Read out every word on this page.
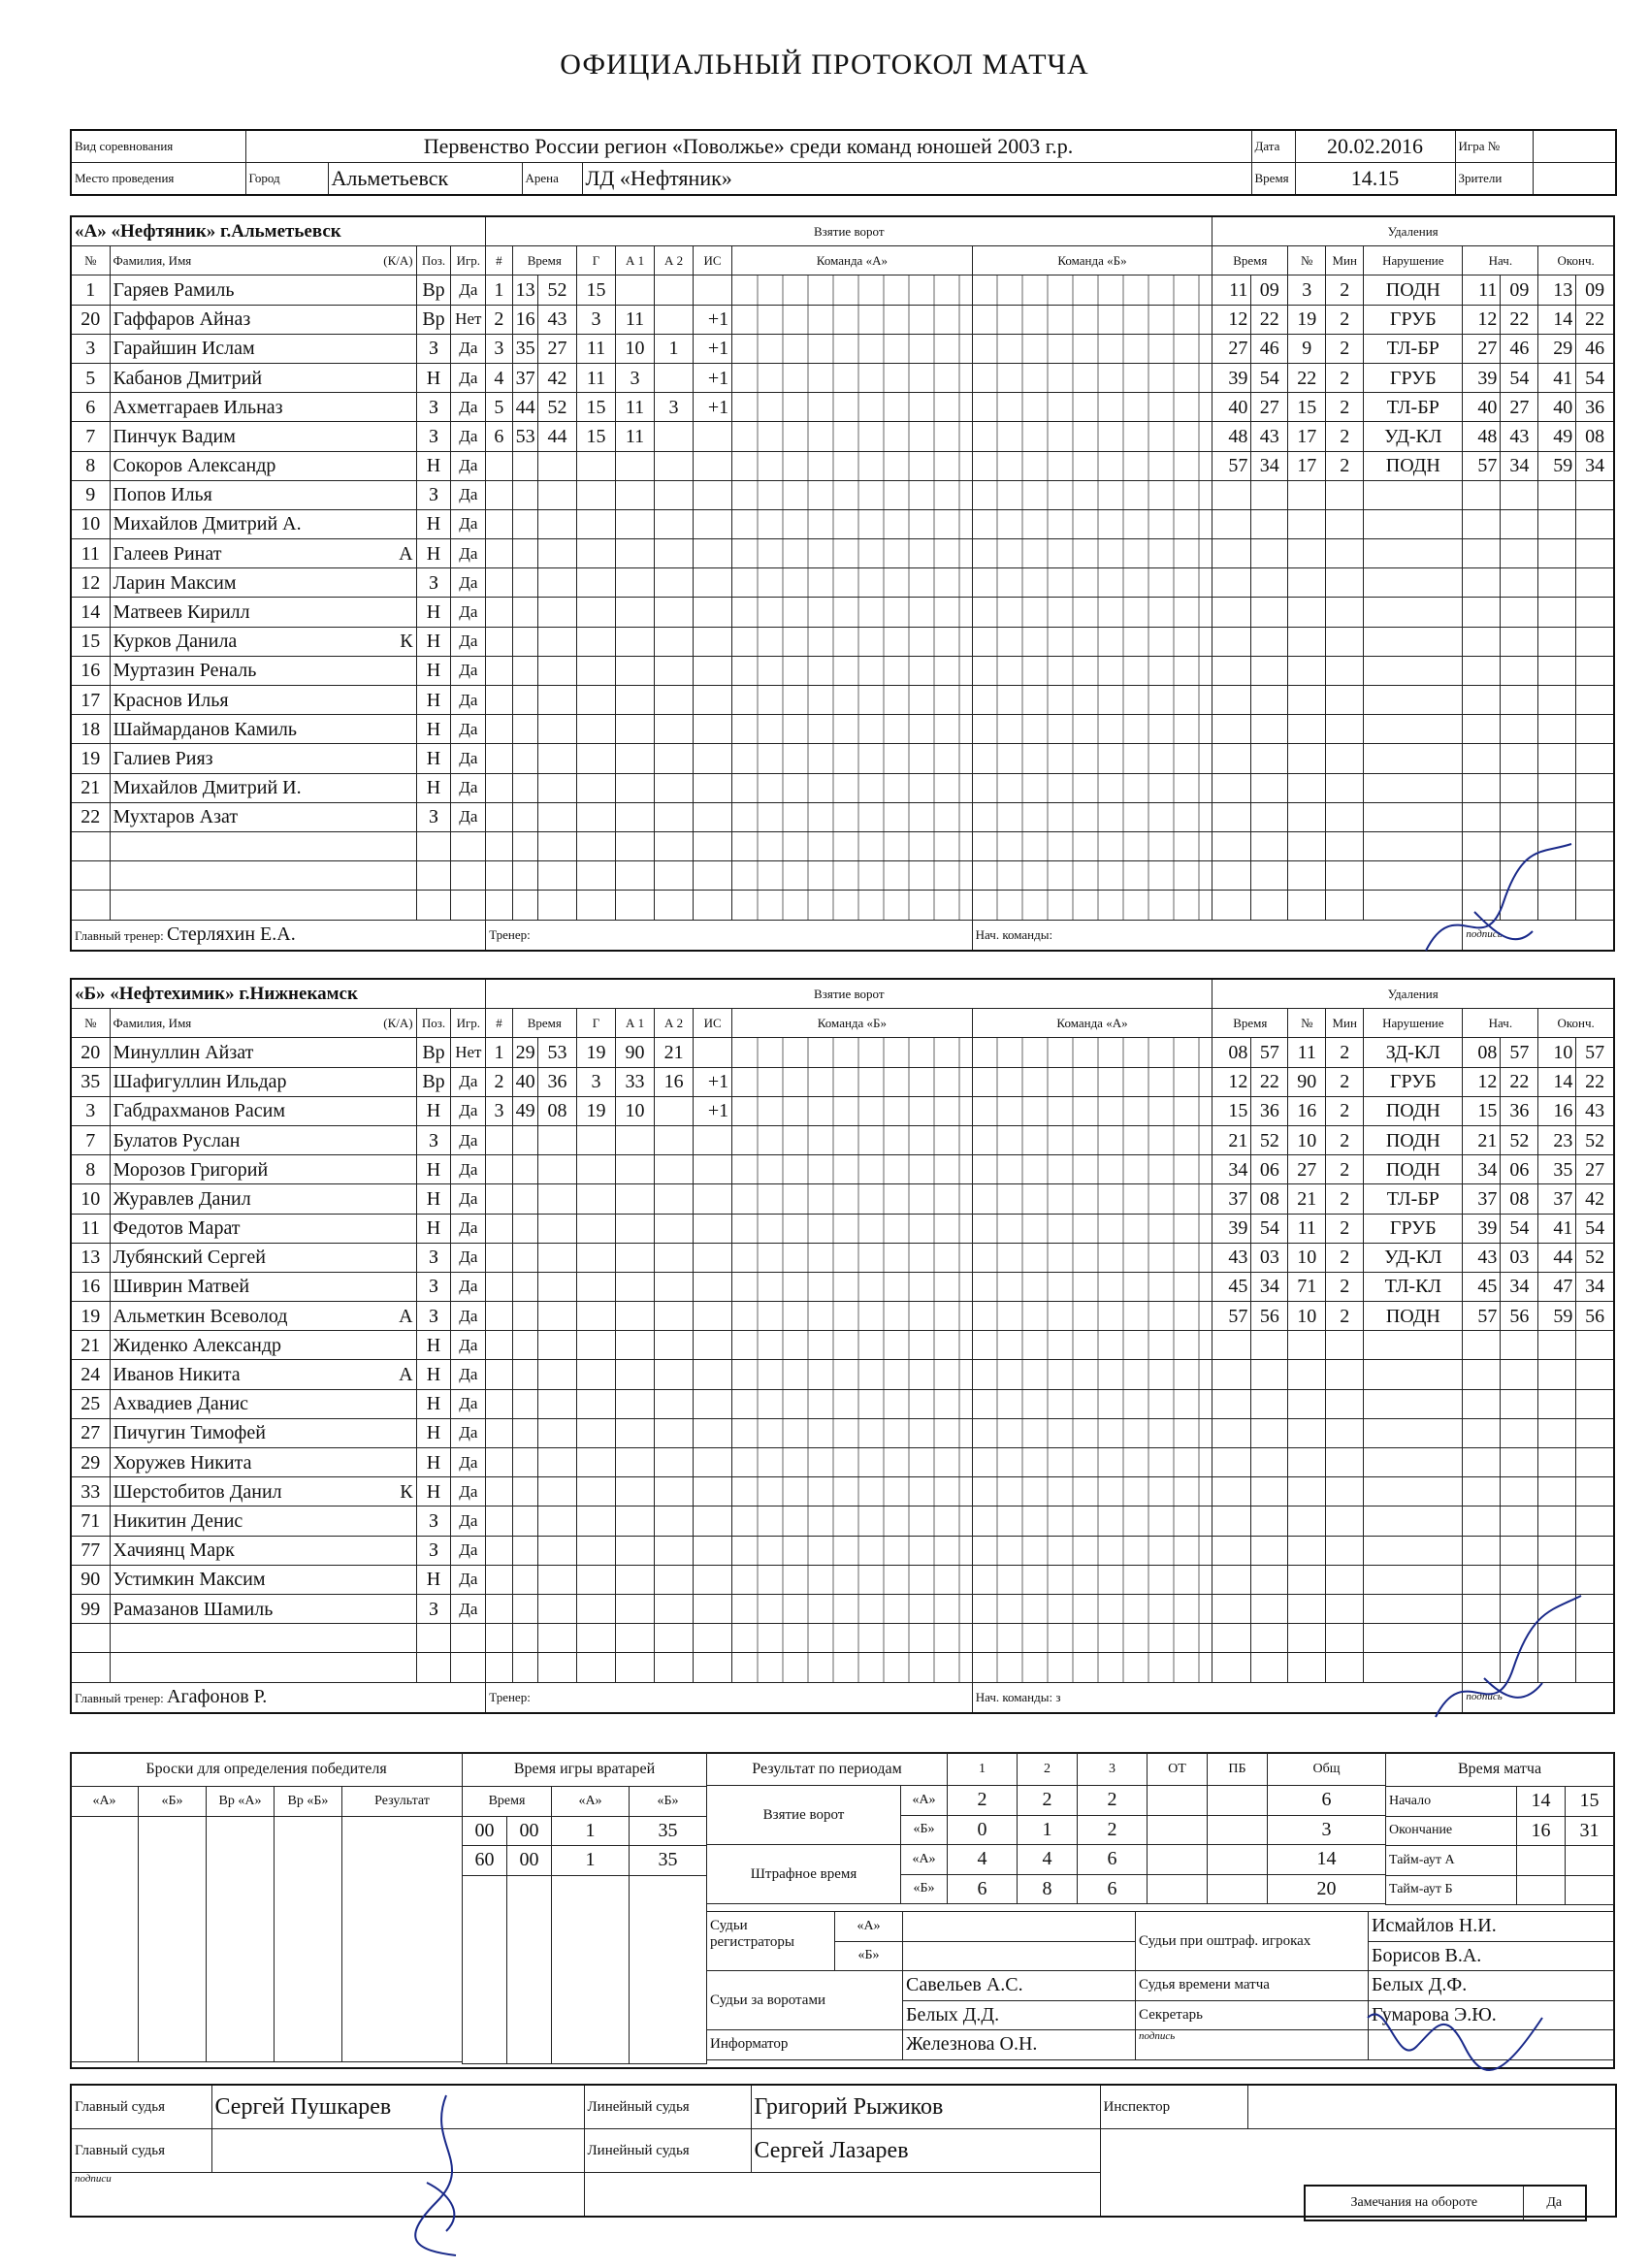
ОФИЦИАЛЬНЫЙ ПРОТОКОЛ МАТЧА
Вид соревнования	Первенство России регион «Поволжье» среди команд юношей 2003 г.р.				Дата	20.02.2016	Игра №	
Место проведения	Город	Альметьевск	Арена	ЛД «Нефтяник»	Время	14.15	Зрители	
«А» «Нефтяник» г.Альметьевск				Взятие ворот									Удаления								
№	Фамилия, Имя (К/А)	Поз.	Игр.	#	Время		Г	А 1	А 2	ИС	Команда «А»	Команда «Б»	Время		№	Мин	Нарушение	Нач.		Оконч.	
1	Гаряев Рамиль	Вр	Да	1	13	52	15						11	09	3	2	ПОДН	11	09	13	09
20	Гаффаров Айназ	Вр	Нет	2	16	43	3	11		+1			12	22	19	2	ГРУБ	12	22	14	22
3	Гарайшин Ислам	З	Да	3	35	27	11	10	1	+1			27	46	9	2	ТЛ-БР	27	46	29	46
5	Кабанов Дмитрий	Н	Да	4	37	42	11	3		+1			39	54	22	2	ГРУБ	39	54	41	54
6	Ахметгараев Ильназ	З	Да	5	44	52	15	11	3	+1			40	27	15	2	ТЛ-БР	40	27	40	36
7	Пинчук Вадим	З	Да	6	53	44	15	11					48	43	17	2	УД-КЛ	48	43	49	08
8	Сокоров Александр	Н	Да										57	34	17	2	ПОДН	57	34	59	34
9	Попов Илья	З	Да																		
10	Михайлов Дмитрий А.	Н	Да																		
11	Галеев Ринат А	Н	Да																		
12	Ларин Максим	З	Да																		
14	Матвеев Кирилл	Н	Да																		
15	Курков Данила К	Н	Да																		
16	Муртазин Реналь	Н	Да																		
17	Краснов Илья	Н	Да																		
18	Шаймарданов Камиль	Н	Да																		
19	Галиев Рияз	Н	Да																		
21	Михайлов Дмитрий И.	Н	Да																		
22	Мухтаров Азат	З	Да																		

Главный тренер: Стерляхин Е.А.				Тренер:								Нач. команды:						подпись			
«Б» «Нефтехимик» г.Нижнекамск				Взятие ворот									Удаления								
№	Фамилия, Имя (К/А)	Поз.	Игр.	#	Время		Г	А 1	А 2	ИС	Команда «Б»	Команда «А»	Время		№	Мин	Нарушение	Нач.		Оконч.	
20	Минуллин Айзат	Вр	Нет	1	29	53	19	90	21				08	57	11	2	ЗД-КЛ	08	57	10	57
35	Шафигуллин Ильдар	Вр	Да	2	40	36	3	33	16	+1			12	22	90	2	ГРУБ	12	22	14	22
3	Габдрахманов Расим	Н	Да	3	49	08	19	10		+1			15	36	16	2	ПОДН	15	36	16	43
7	Булатов Руслан	З	Да										21	52	10	2	ПОДН	21	52	23	52
8	Морозов Григорий	Н	Да										34	06	27	2	ПОДН	34	06	35	27
10	Журавлев Данил	Н	Да										37	08	21	2	ТЛ-БР	37	08	37	42
11	Федотов Марат	Н	Да										39	54	11	2	ГРУБ	39	54	41	54
13	Лубянский Сергей	З	Да										43	03	10	2	УД-КЛ	43	03	44	52
16	Шиврин Матвей	З	Да										45	34	71	2	ТЛ-КЛ	45	34	47	34
19	Альметкин Всеволод А	З	Да										57	56	10	2	ПОДН	57	56	59	56
21	Жиденко Александр	Н	Да																		
24	Иванов Никита А	Н	Да																		
25	Ахвадиев Данис	Н	Да																		
27	Пичугин Тимофей	Н	Да																		
29	Хоружев Никита	Н	Да																		
33	Шерстобитов Данил К	Н	Да																		
71	Никитин Денис	З	Да																		
77	Хачиянц Марк	З	Да																		
90	Устимкин Максим	Н	Да																		
99	Рамазанов Шамиль	З	Да																		

Главный тренер: Агафонов Р.				Тренер:								Нач. команды: з						подпись			
Броски для определения победителя				
«А»	«Б»	Вр «А»	Вр «Б»	Результат

Время игры вратарей			
Время		«А»	«Б»
00	00	1	35
60	00	1	35

Результат по периодам		1	2	3	ОТ	ПБ	Общ
Взятие ворот	«А»	2	2	2			6
	«Б»	0	1	2			3
Штрафное время	«А»	4	4	6			14
	«Б»	6	8	6			20
Время матча		
Начало	14	15
Окончание	16	31
Тайм-аут А		
Тайм-аут Б		
Судьи регистраторы	«А»		Судьи при оштраф. игроках	Исмайлов Н.И.
	«Б»			Борисов В.А.
Судьи за воротами		Савельев А.С.	Судья времени матча	Белых Д.Ф.
		Белых Д.Д.	Секретарь	Гумарова Э.Ю.
Информатор		Железнова О.Н.	подпись	
Главный судья	Сергей Пушкарев	Линейный судья	Григорий Рыжиков	Инспектор	
Главный судья		Линейный судья	Сергей Лазарев		
подписи					
Замечания на обороте	Да
